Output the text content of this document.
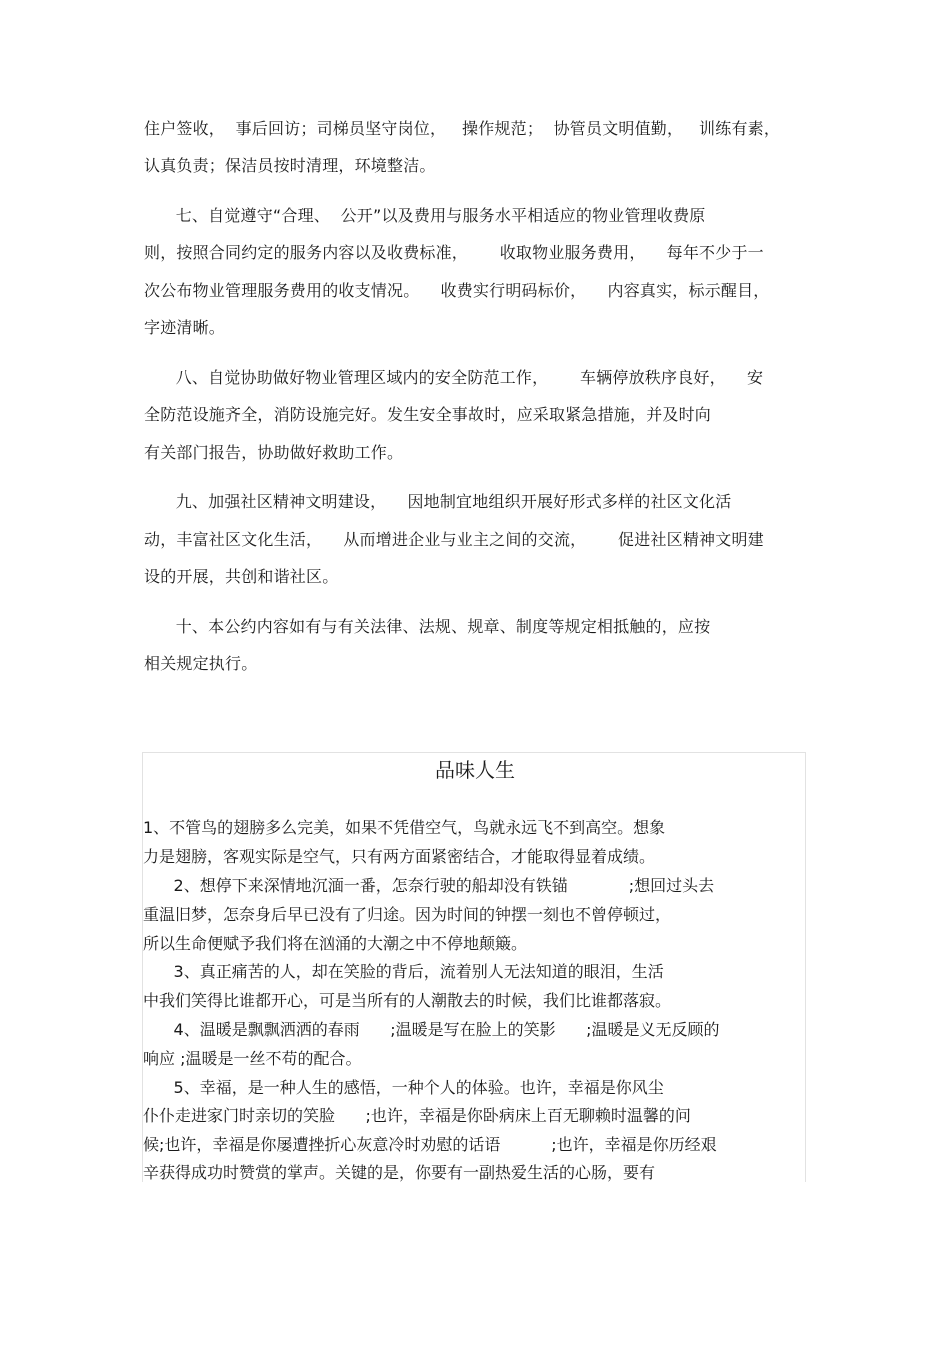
住户签收，  事后回访；司梯员坚守岗位，   操作规范；  协管员文明值勤，   训练有素，
认真负责；保洁员按时清理，环境整洁。
七、自觉遵守“合理、  公开”以及费用与服务水平相适应的物业管理收费原
则，按照合同约定的服务内容以及收费标准，      收取物业服务费用，    每年不少于一
次公布物业管理服务费用的收支情况。    收费实行明码标价，    内容真实，标示醒目，
字迹清晰。
八、自觉协助做好物业管理区域内的安全防范工作，      车辆停放秩序良好，    安
全防范设施齐全，消防设施完好。发生安全事故时，应采取紧急措施，并及时向
有关部门报告，协助做好救助工作。
九、加强社区精神文明建设，    因地制宜地组织开展好形式多样的社区文化活
动，丰富社区文化生活，    从而增进企业与业主之间的交流，      促进社区精神文明建
设的开展，共创和谐社区。
十、本公约内容如有与有关法律、法规、规章、制度等规定相抵触的，应按
相关规定执行。
品味人生
1、不管鸟的翅膀多么完美，如果不凭借空气，鸟就永远飞不到高空。想象
力是翅膀，客观实际是空气，只有两方面紧密结合，才能取得显着成绩。
2、想停下来深情地沉湎一番，怎奈行驶的船却没有铁锚            ;想回过头去
重温旧梦，怎奈身后早已没有了归途。因为时间的钟摆一刻也不曾停顿过，
所以生命便赋予我们将在汹涌的大潮之中不停地颠簸。
3、真正痛苦的人，却在笑脸的背后，流着别人无法知道的眼泪，生活
中我们笑得比谁都开心，可是当所有的人潮散去的时候，我们比谁都落寂。
4、温暖是飘飘洒洒的春雨      ;温暖是写在脸上的笑影      ;温暖是义无反顾的
响应 ;温暖是一丝不苟的配合。
5、幸福，是一种人生的感悟，一种个人的体验。也许，幸福是你风尘
仆仆走进家门时亲切的笑脸      ;也许，幸福是你卧病床上百无聊赖时温馨的问
候;也许，幸福是你屡遭挫折心灰意冷时劝慰的话语          ;也许，幸福是你历经艰
辛获得成功时赞赏的掌声。关键的是，你要有一副热爱生活的心肠，要有
